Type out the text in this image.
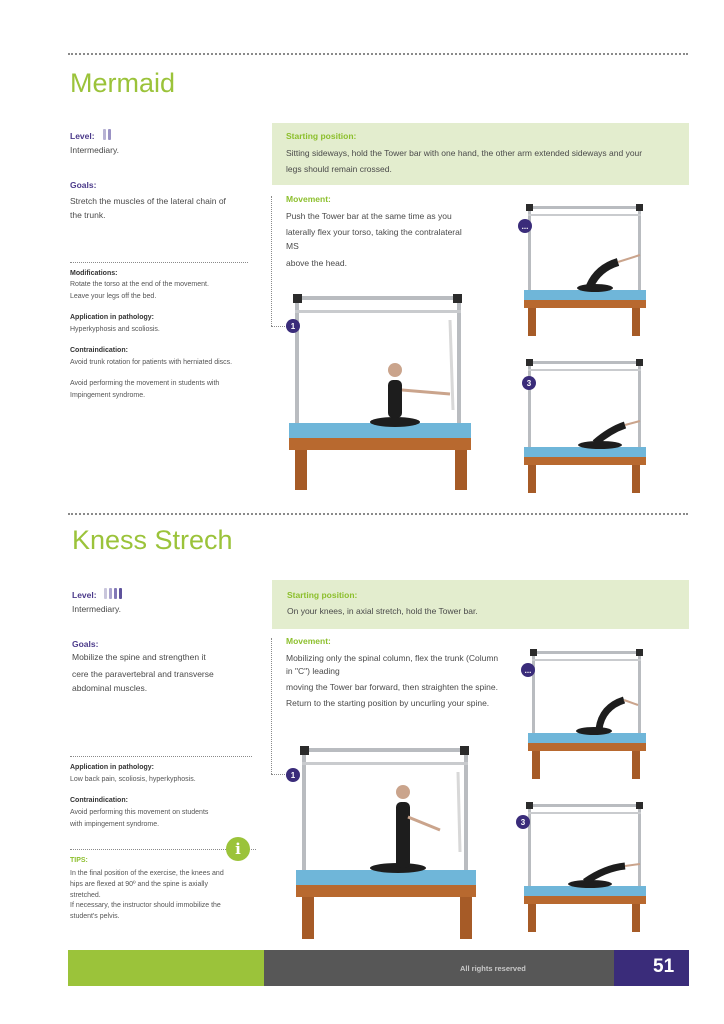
Mermaid
Level:
Intermediary.
Goals:
Stretch the muscles of the lateral chain of
the trunk.
Modifications:
Rotate the torso at the end of the movement.
Leave your legs off the bed.
Application in pathology:
Hyperkyphosis and scoliosis.
Contraindication:
Avoid trunk rotation for patients with herniated discs.
Avoid performing the movement in students with
Impingement syndrome.
Starting position:
Sitting sideways, hold the Tower bar with one hand, the other arm extended sideways and your
legs should remain crossed.
Movement:
Push the Tower bar at the same time as you
laterally flex your torso, taking the contralateral
MS
above the head.
1
...
3
Kness Strech
Level:
Intermediary.
Goals:
Mobilize the spine and strengthen it
cere the paravertebral and transverse
abdominal muscles.
Application in pathology:
Low back pain, scoliosis, hyperkyphosis.
Contraindication:
Avoid performing this movement on students
with impingement syndrome.
i
TIPS:
In the final position of the exercise, the knees and
hips are flexed at 90º and the spine is axially
stretched.
If necessary, the instructor should immobilize the
student's pelvis.
Starting position:
On your knees, in axial stretch, hold the Tower bar.
Movement:
Mobilizing only the spinal column, flex the trunk (Column
in "C") leading
moving the Tower bar forward, then straighten the spine.
Return to the starting position by uncurling your spine.
1
...
3
All rights reserved	51
